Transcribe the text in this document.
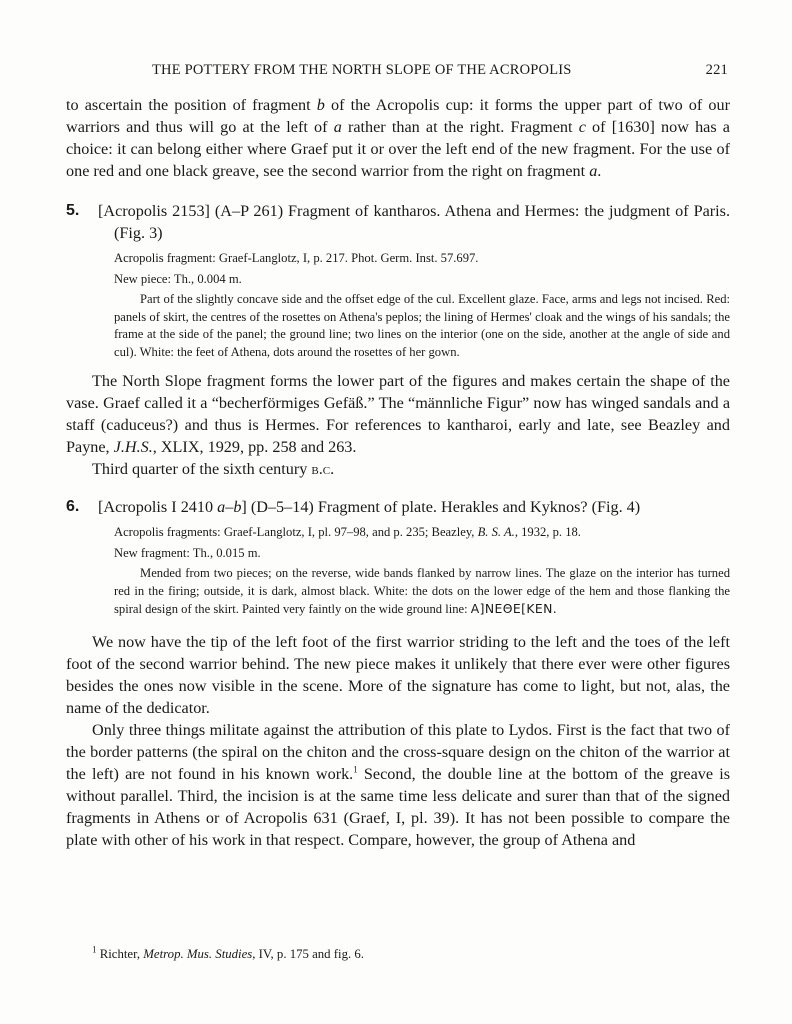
THE POTTERY FROM THE NORTH SLOPE OF THE ACROPOLIS	221

to ascertain the position of fragment b of the Acropolis cup: it forms the upper part of two of our warriors and thus will go at the left of a rather than at the right. Fragment c of [1630] now has a choice: it can belong either where Graef put it or over the left end of the new fragment. For the use of one red and one black greave, see the second warrior from the right on fragment a.

5. [Acropolis 2153] (A–P 261) Fragment of kantharos. Athena and Hermes: the judgment of Paris. (Fig. 3)

Acropolis fragment: Graef-Langlotz, I, p. 217. Phot. Germ. Inst. 57.697.

New piece: Th., 0.004 m.

Part of the slightly concave side and the offset edge of the cul. Excellent glaze. Face, arms and legs not incised. Red: panels of skirt, the centres of the rosettes on Athena's peplos; the lining of Hermes' cloak and the wings of his sandals; the frame at the side of the panel; the ground line; two lines on the interior (one on the side, another at the angle of side and cul). White: the feet of Athena, dots around the rosettes of her gown.

The North Slope fragment forms the lower part of the figures and makes certain the shape of the vase. Graef called it a “becherförmiges Gefäß.” The “männliche Figur” now has winged sandals and a staff (caduceus?) and thus is Hermes. For references to kantharoi, early and late, see Beazley and Payne, J.H.S., XLIX, 1929, pp. 258 and 263.

Third quarter of the sixth century b.c.

6. [Acropolis I 2410 a–b] (D–5–14) Fragment of plate. Herakles and Kyknos? (Fig. 4)

Acropolis fragments: Graef-Langlotz, I, pl. 97–98, and p. 235; Beazley, B. S. A., 1932, p. 18.

New fragment: Th., 0.015 m.

Mended from two pieces; on the reverse, wide bands flanked by narrow lines. The glaze on the interior has turned red in the firing; outside, it is dark, almost black. White: the dots on the lower edge of the hem and those flanking the spiral design of the skirt. Painted very faintly on the wide ground line: Α]ΝΕΘΕ[ΚΕΝ.

We now have the tip of the left foot of the first warrior striding to the left and the toes of the left foot of the second warrior behind. The new piece makes it unlikely that there ever were other figures besides the ones now visible in the scene. More of the signature has come to light, but not, alas, the name of the dedicator.

Only three things militate against the attribution of this plate to Lydos. First is the fact that two of the border patterns (the spiral on the chiton and the cross-square design on the chiton of the warrior at the left) are not found in his known work.$^1$ Second, the double line at the bottom of the greave is without parallel. Third, the incision is at the same time less delicate and surer than that of the signed fragments in Athens or of Acropolis 631 (Graef, I, pl. 39). It has not been possible to compare the plate with other of his work in that respect. Compare, however, the group of Athena and

$^1$ Richter, Metrop. Mus. Studies, IV, p. 175 and fig. 6.
